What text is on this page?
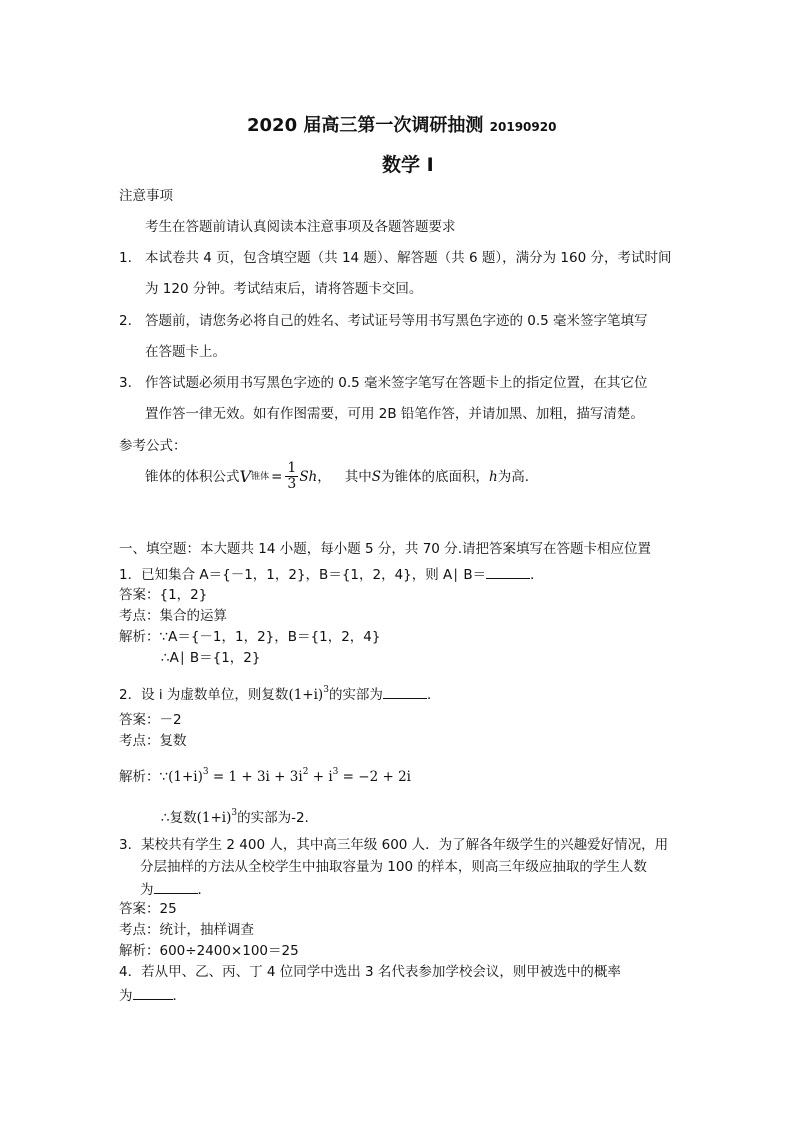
2020 届高三第一次调研抽测 20190920
数学 I
注意事项
考生在答题前请认真阅读本注意事项及各题答题要求
1. 本试卷共 4 页，包含填空题（共 14 题）、解答题（共 6 题），满分为 160 分，考试时间
为 120 分钟。考试结束后，请将答题卡交回。
2. 答题前，请您务必将自己的姓名、考试证号等用书写黑色字迹的 0.5 毫米签字笔填写
在答题卡上。
3. 作答试题必须用书写黑色字迹的 0.5 毫米签字笔写在答题卡上的指定位置，在其它位
置作答一律无效。如有作图需要，可用 2B 铅笔作答，并请加黑、加粗，描写清楚。
参考公式：
锥体的体积公式 V 锥体 = $\frac{1}{3}$ Sh ， 其中 S 为锥体的底面积， h 为高.
一、填空题：本大题共 14 小题，每小题 5 分，共 70 分.请把答案填写在答题卡相应位置
1．已知集合 A＝{－1，1，2}，B＝{1，2，4}，则 A∣ B＝	．
答案：{1，2}
考点：集合的运算
解析：∵A＝{－1，1，2}，B＝{1，2，4}
∴A∣ B＝{1，2}
2．设 i 为虚数单位，则复数$(1+i)^3$的实部为	．
答案：－2
考点：复数
解析：$\because(1+i)^3 = 1 + 3i + 3i^2 + i^3 = -2 + 2i$
∴复数$(1+i)^3$的实部为-2.
3．某校共有学生 2 400 人，其中高三年级 600 人．为了解各年级学生的兴趣爱好情况，用
分层抽样的方法从全校学生中抽取容量为 100 的样本，则高三年级应抽取的学生人数
为	．
答案：25
考点：统计，抽样调查
解析：600÷2400×100＝25
4．若从甲、乙、丙、丁 4 位同学中选出 3 名代表参加学校会议，则甲被选中的概率
为	．
